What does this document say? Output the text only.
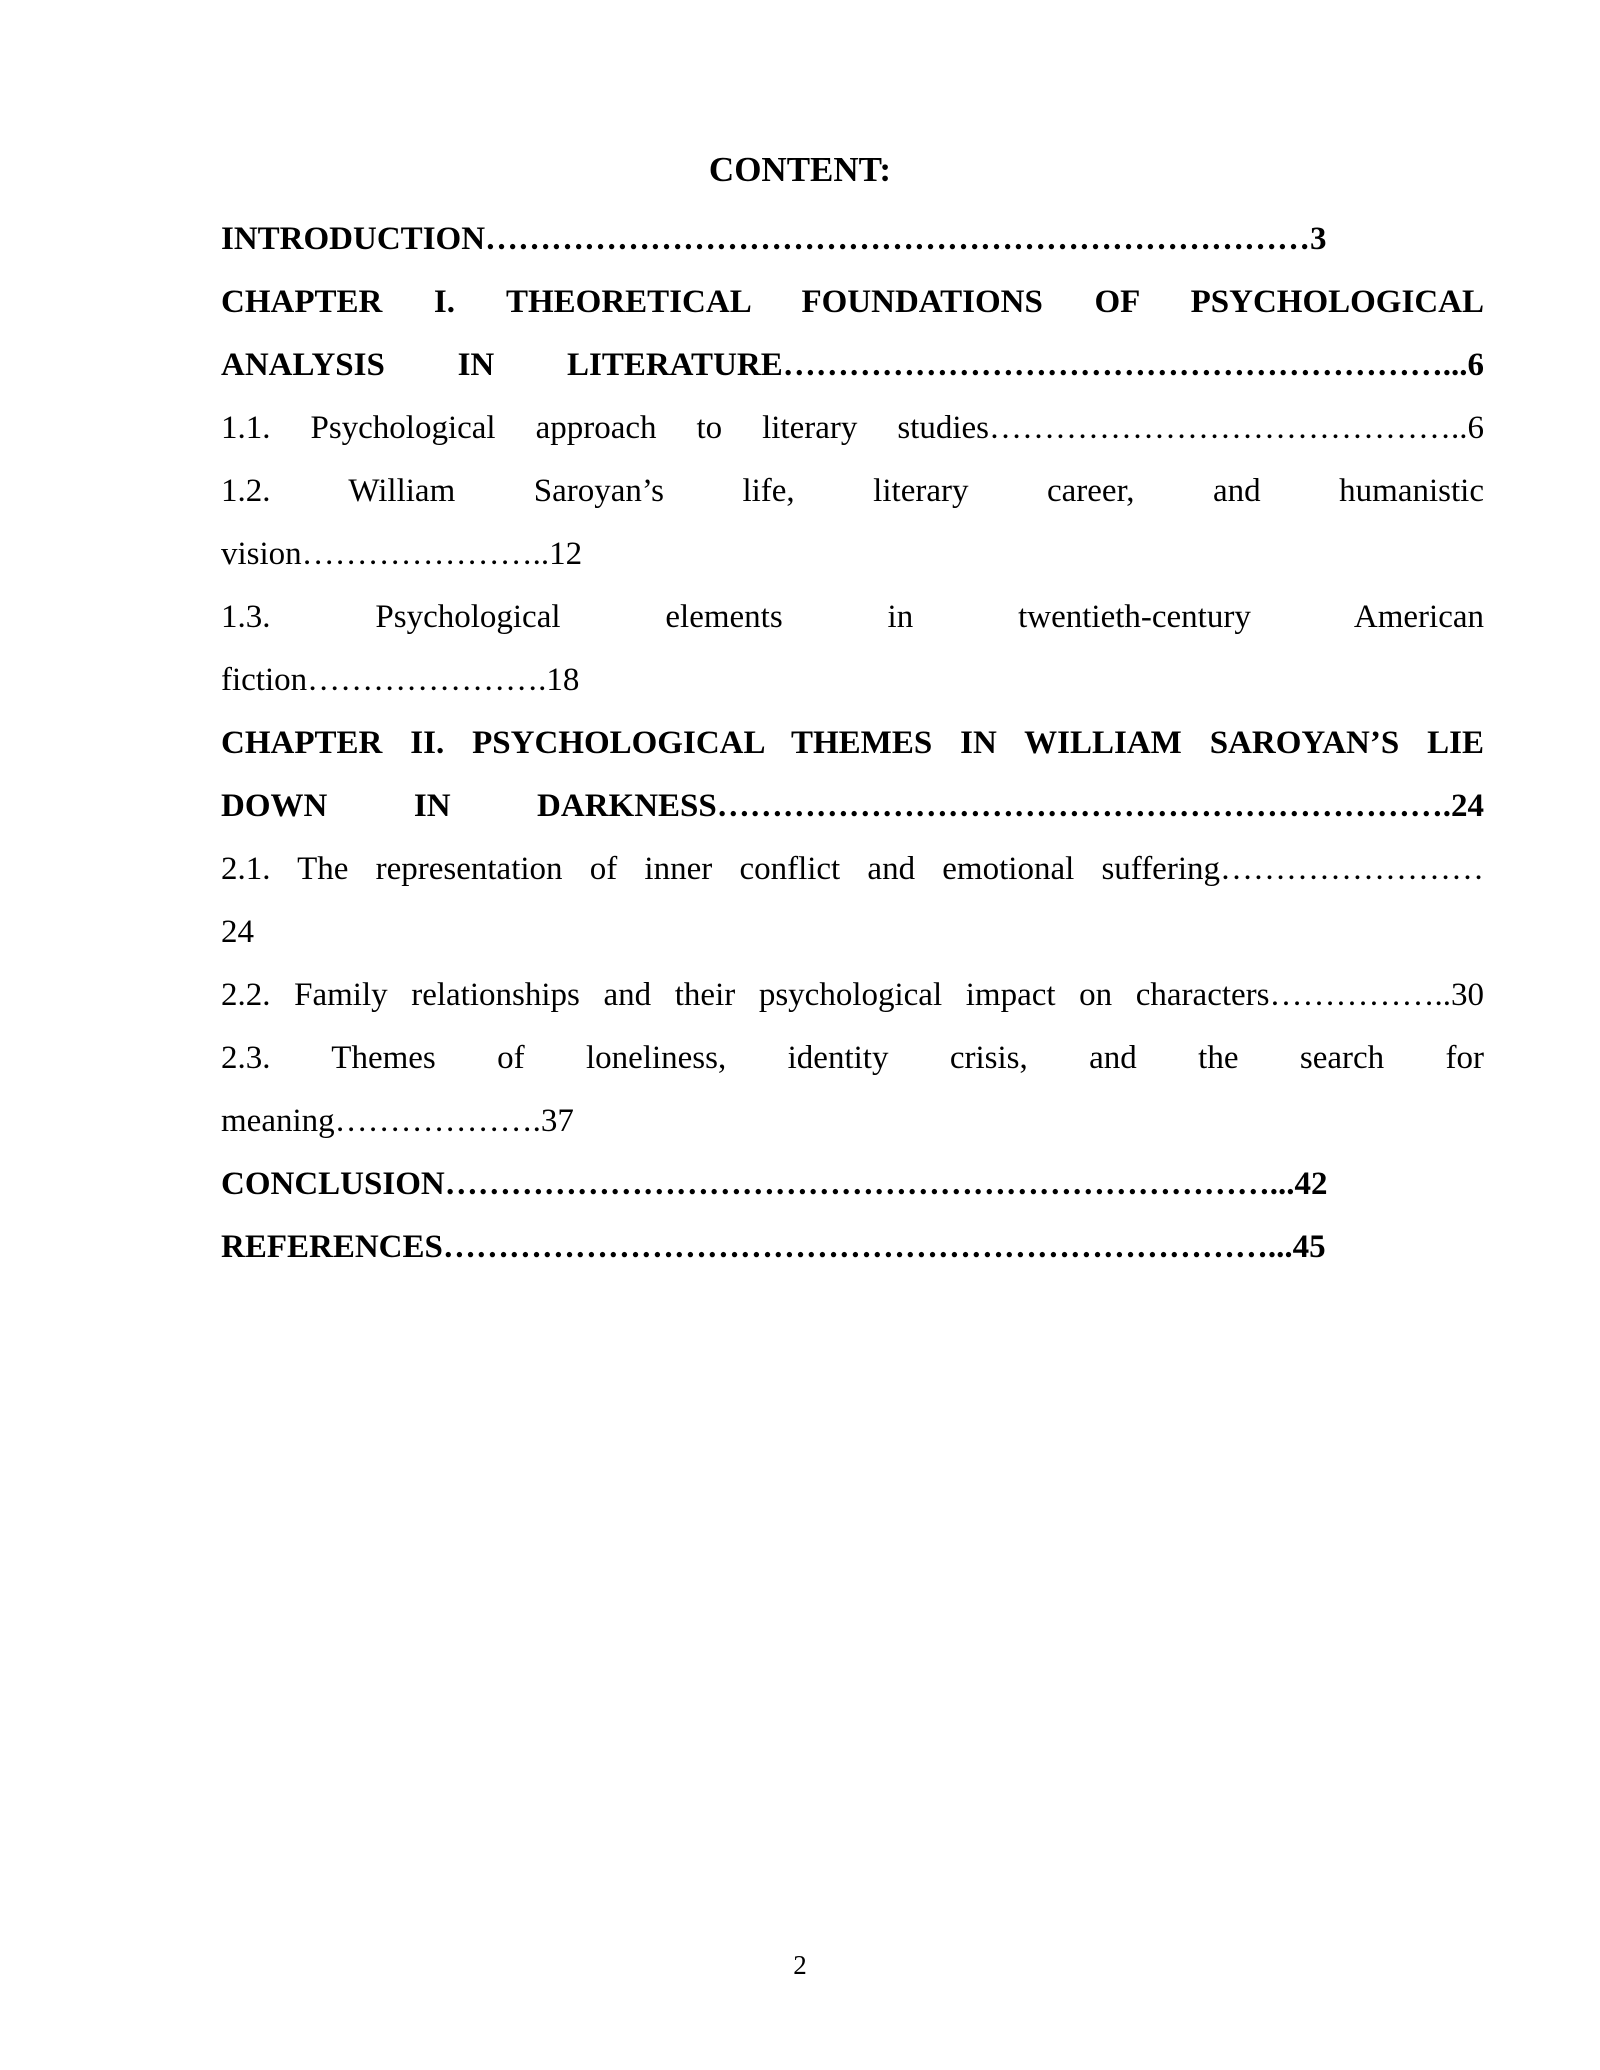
CONTENT:
INTRODUCTION…………………………………………………………………3
CHAPTER I. THEORETICAL FOUNDATIONS OF PSYCHOLOGICAL
ANALYSIS IN LITERATURE……………………………………………………...6
1.1. Psychological approach to literary studies……………………………………..6
1.2. William Saroyan’s life, literary career, and humanistic
vision…………………..12
1.3. Psychological elements in twentieth-century American
fiction………………….18
CHAPTER II. PSYCHOLOGICAL THEMES IN WILLIAM SAROYAN’S LIE
DOWN IN DARKNESS………………………………………………………….24
2.1. The representation of inner conflict and emotional suffering……………………
24
2.2. Family relationships and their psychological impact on characters……………..30
2.3. Themes of loneliness, identity crisis, and the search for
meaning……………….37
CONCLUSION…………………………………………………………………...42
REFERENCES…………………………………………………………………...45
2
